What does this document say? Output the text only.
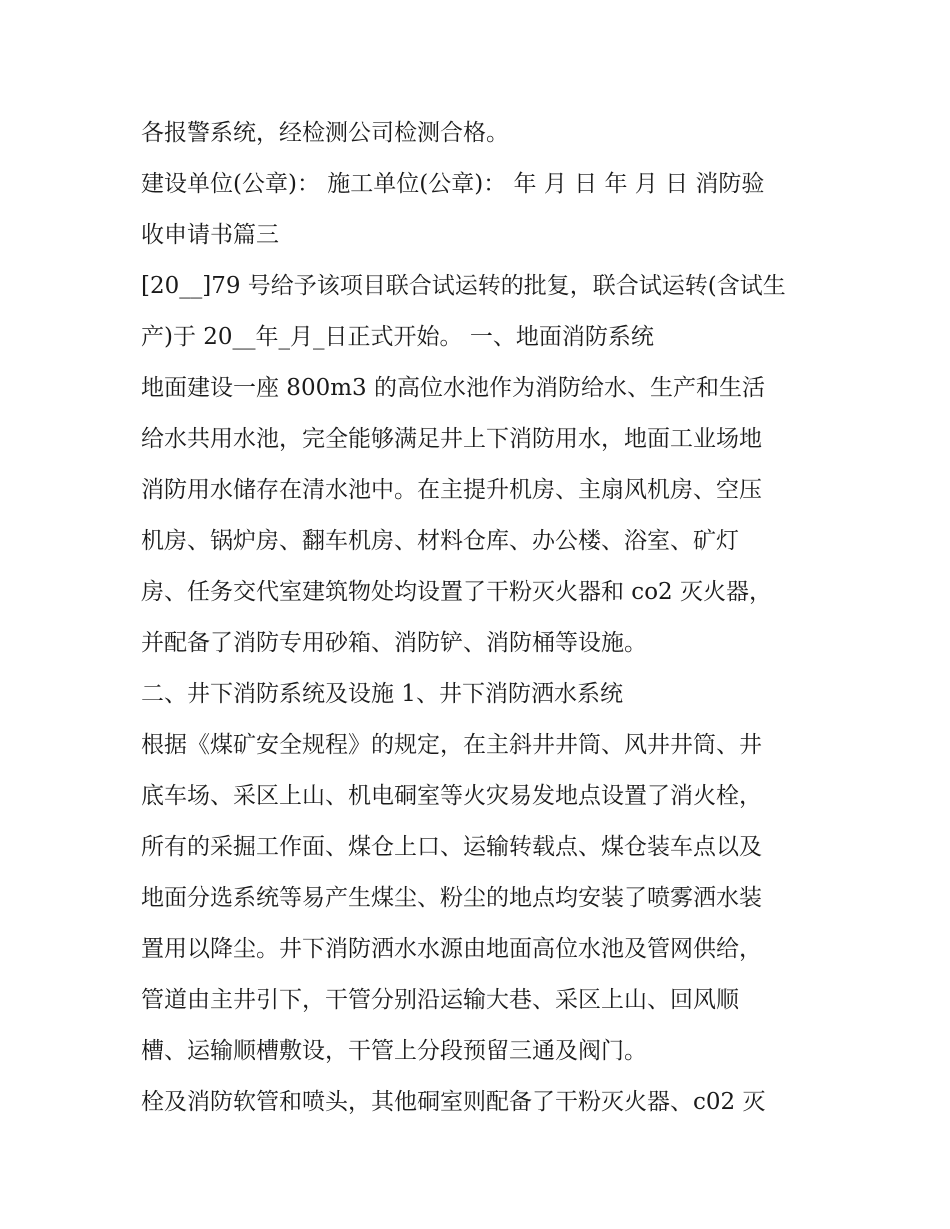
各报警系统，经检测公司检测合格。
建设单位(公章)： 施工单位(公章)： 年 月 日 年 月 日 消防验
收申请书篇三
[20__]79 号给予该项目联合试运转的批复，联合试运转(含试生
产)于 20__年_月_日正式开始。 一、地面消防系统
地面建设一座 800m3 的高位水池作为消防给水、生产和生活
给水共用水池，完全能够满足井上下消防用水，地面工业场地
消防用水储存在清水池中。在主提升机房、主扇风机房、空压
机房、锅炉房、翻车机房、材料仓库、办公楼、浴室、矿灯
房、任务交代室建筑物处均设置了干粉灭火器和 co2 灭火器，
并配备了消防专用砂箱、消防铲、消防桶等设施。
二、井下消防系统及设施 1、井下消防洒水系统
根据《煤矿安全规程》的规定，在主斜井井筒、风井井筒、井
底车场、采区上山、机电硐室等火灾易发地点设置了消火栓，
所有的采掘工作面、煤仓上口、运输转载点、煤仓装车点以及
地面分选系统等易产生煤尘、粉尘的地点均安装了喷雾洒水装
置用以降尘。井下消防洒水水源由地面高位水池及管网供给，
管道由主井引下，干管分别沿运输大巷、采区上山、回风顺
槽、运输顺槽敷设，干管上分段预留三通及阀门。
栓及消防软管和喷头，其他硐室则配备了干粉灭火器、c02 灭
